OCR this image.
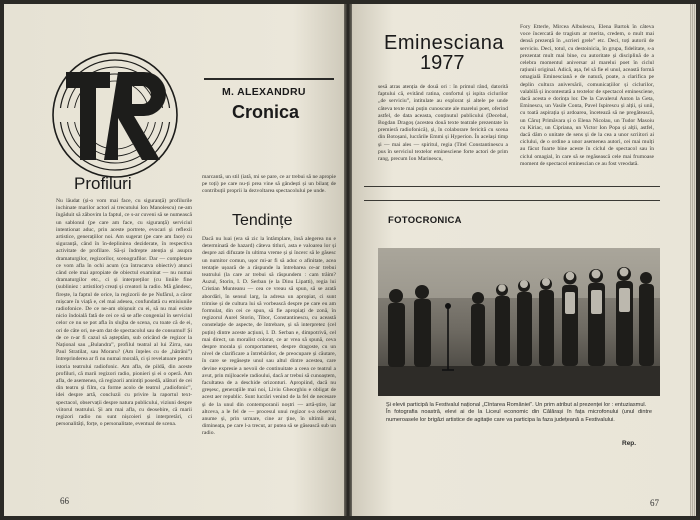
Profiluri

Nu lăudat (și-o vom mai face, cu siguranță) profilurile inchinate marilor actori ai trecutului Ion Manolescu) ne-am îngăduit să zăbovim la faptul, ce s-ar cuveni să se numească un sablonul (pe care am face, cu siguranță) serviciul intentionat aduc, prin aceste portrete, evocari și reflexii artistice, generațiilor noi. Am sugerat (pe care am face) cu siguranță, când în în-deplinirea deziderate, în respectiva activitate de profilare. Să-și îndrepte atenția și asupra dramaturgilor, regizorilor, scenografilor. Dar — completare ce vom afla în ochi acum (ca întrucatva obiectiv) atunci când cele mai apropiate de obiectul examinat — nu numai dramaturgilor etc., ci și interpreților (cu liniile fine (subliniez : artistilor) creați și creatori la radio. Mă gândesc, firește, la faptul de orice, la regizorii de pe Nufărul, a căror mișcare în viață e, cel mai adesea, confundată cu emisiunile radiofonice. De ce ne-am obișnuit cu ei, să nu mai existe nicio îndoială fată de cei ce să se afle congenial în serviciul celor ce nu se pot afla în slujba de scena, cu toate că de ei, ori de câte ori, ne-am dat de spectacolul sau de consumul! Și de ce n-ar fi cazul să așteptăm, sub oricând de regizor la Național sau „Bulandra”, profilul teatral al lui Zirra, sau Paul Stratilat, sau Moraru? (Am înțeles cu de „hătrâni”) Intreprinderea ar fi nu numai morală, ci și revelatoare pentru istoria teatrului radiofonic. Am afla, de pildă, din aceste profiluri, că marii regizori radio, pionieri și ei o operă. Am afla, de asemenea, că regizorii amintiți posedă, alături de cei din teatru și film, ca forme acolo de teatrul „radiofonic”, idei despre artă, concluzii cu privire la raportul text-spectacol, observații despre natura publicului, viziuni despre viitorul teatrului. Și am mai afla, cu deosebire, că marii regizori radio nu sunt nișcoieri și interpretări, ci personalități, forțe, o personalitate, eventual de scena.

M. ALEXANDRU
Cronica

marcantă, un stil (iată, mi se pare, ce ar trebui să ne apropie pe toți) pe care nu-ți prea vine să gândești și un bilanț de contribuții proprii la dezvoltarea spectacolului pe unde.

Tendințe

Dacă nu luai (era să zic la întâmplare, însă alegerea nu e determinată de hazard) câteva titluri, asta e valoarea lor și despre azi difuzate în ultima vreme și și încerc să le găsesc un numitor comun, ușor mi-ar fi să aduc o afinitate, acea tentație ușoară de a răspunde la întrebarea ce-ar trebui teatrului (la care ar trebui să răspundem : cam trăim? Auzul, Storin, I. D. Serban (e la Dinu Lipatti), regia lui Cristian Munteanu — cea ce vreau să spun, să se arată abordări, în sensul larg, la adresa un apropiat, ci sunt trimise și de cultura lui să vorbească despre pe care eu am formulat, din cei ce spun, să fie apropiați de zonă, în regizorul Aurel Storin, Tibor, Constantinescu, cu această constelație de aspecte, de întrebare, și să interpretez (cel puțin) dintre aceste acțiuni, I. D. Serban e, dimpotrivă, cel mai direct, un moralist colorat, ce ar vrea să spună, ceva despre morala și comportament, despre dragoste, cu un nivel de clarificare a întrebărilor, de preocupare și căutare, în care se regăsește unul sau altul dintre acestea, care devine expresie a nevoii de continuitate a ceea ce teatrul a avut, prin mijloacele radioului, dacă ar trebui să cunoaștem, facultatea de a deschide orizonturi. Apropiind, dacă nu greșesc, generațiile mai noi, Liviu Gheorghiu e obligat de acest aer republic. Sunt lucrări venind de la fel de necesare și de la unul din contemporanii noștri — artă-știre, iar altceva, a le fel de — procesul unui regizor s-a observat anume și, prin urmare, cine ar ține, în ultimii ani, dimineața, pe care l-a trecut, ar putea să se găsească sub un radio.

66
Eminesciana
1977

sesă atras atenția de două ori : în primul rând, datorită faptului că, evitând ratina, confortul și ispita ciclurilor „de serviciu”, intitulate au explorat și altele pe unde câteva texte mai puțin cunoscute ale marelui poet, oferind astfel, de data aceasta, conținutul publicului (Decebal, Bogdan Dragoș (acestea două texte teatrale prezentate în premieră radiofonică), și, în colaborare fericită cu scena din Botoșani, lucrările Emmi și Hyperion. În același timp și — mai ales — spiritul, regia (Titel Constantinescu a pus în serviciul textelor eminesciene forte actori de prim rang, precum Ion Marinescu,

Fory Etterle, Mircea Albulescu, Elena Bartok în câteva voce încercată de tragism ar merita, credem, o mult mai densă prezență în „scrieri grele” etc. Deci, toți autorii de serviciu. Deci, totul, cu destoinicia, în grupa, fidelitate, s-a prezentat mult mai bine, cu autoritate și disciplină de a celebra momentul aniversar al marelui poet în ciclul rațiunii original. Adică, așa, fel să fie el unul, această formă omagială Eminesciană e de natură, poate, a clarifica pe deplin cultura aniversării, comunicațiilor și ciclurilor, valabilă și incontestată a textelor de spectacol eminesciene, dacă acesta e dorința lor. De la Cavalerul Anton la Geta, Eminescu, un Vasile Conta, Pavel Ispirescu și alții, și unii, cu toată aspirația și ardoarea, încetează să ne pregătească, un Căruț Primăvara și o Elena Nicolau, un Tudor Masoiu cu Kiriac, un Cipriana, un Victor Ion Popa și alții, astfel, dacă dăm o unitate de sens și de la cea a unor scriitori ai ciclului, de o ordine a unor asemenea autori, cei mai mulți au făcut foarte bine aceste în ciclul de spectacol sau în ciclul omagial, în care să se regăsească cele mai frumoase moment de spectacol eminescian ce au fost vreodată.

FOTOCRONICA

Și elevii participă la Festivalul național „Cîntarea României”. Un prim atribut al prezenței lor : entuziasmul.

În fotografia noastră, elevi ai de la Liceul economic din Călărași în fața microfonului (unul dintre numeroasele lor brigăzi artistice de agitație care va participa la faza județeană a Festivalului.

Rep.
67
